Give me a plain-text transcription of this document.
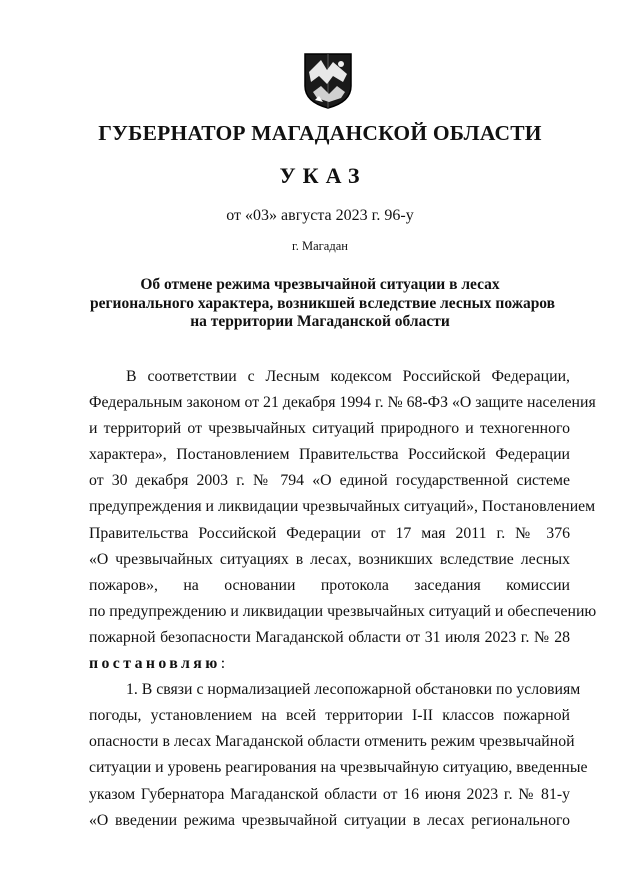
ГУБЕРНАТОР МАГАДАНСКОЙ ОБЛАСТИ
УКАЗ
от «03» августа 2023 г. 96-у
г. Магадан
Об отмене режима чрезвычайной ситуации в лесах
регионального характера, возникшей вследствие лесных пожаров
на территории Магаданской области
В соответствии с Лесным кодексом Российской Федерации,
Федеральным законом от 21 декабря 1994 г. № 68-ФЗ «О защите населения
и территорий от чрезвычайных ситуаций природного и техногенного
характера», Постановлением Правительства Российской Федерации
от 30 декабря 2003 г. № 794 «О единой государственной системе
предупреждения и ликвидации чрезвычайных ситуаций», Постановлением
Правительства Российской Федерации от 17 мая 2011 г. № 376
«О чрезвычайных ситуациях в лесах, возникших вследствие лесных
пожаров», на основании протокола заседания комиссии
по предупреждению и ликвидации чрезвычайных ситуаций и обеспечению
пожарной безопасности Магаданской области от 31 июля 2023 г. № 28
постановляю:
1. В связи с нормализацией лесопожарной обстановки по условиям
погоды, установлением на всей территории I-II классов пожарной
опасности в лесах Магаданской области отменить режим чрезвычайной
ситуации и уровень реагирования на чрезвычайную ситуацию, введенные
указом Губернатора Магаданской области от 16 июня 2023 г. № 81-у
«О введении режима чрезвычайной ситуации в лесах регионального
